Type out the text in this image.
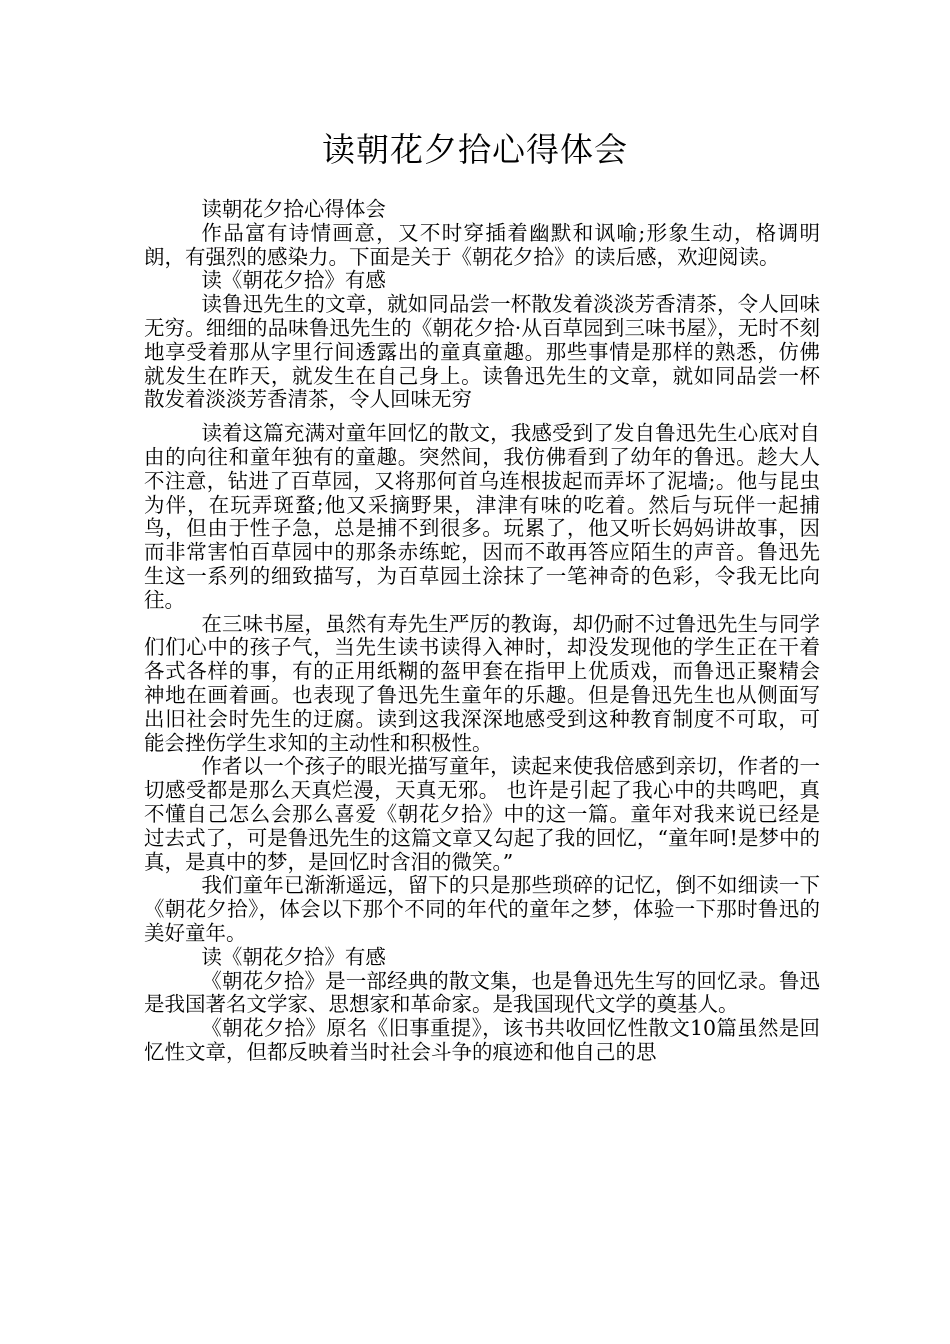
读朝花夕拾心得体会

读朝花夕拾心得体会

作品富有诗情画意，又不时穿插着幽默和讽喻;形象生动，格调明朗，有强烈的感染力。下面是关于《朝花夕拾》的读后感，欢迎阅读。

读《朝花夕拾》有感

读鲁迅先生的文章，就如同品尝一杯散发着淡淡芳香清茶，令人回味无穷。细细的品味鲁迅先生的《朝花夕拾·从百草园到三味书屋》，无时不刻地享受着那从字里行间透露出的童真童趣。那些事情是那样的熟悉，仿佛就发生在昨天，就发生在自己身上。读鲁迅先生的文章，就如同品尝一杯散发着淡淡芳香清茶，令人回味无穷

读着这篇充满对童年回忆的散文，我感受到了发自鲁迅先生心底对自由的向往和童年独有的童趣。突然间，我仿佛看到了幼年的鲁迅。趁大人不注意，钻进了百草园，又将那何首乌连根拔起而弄坏了泥墙;。他与昆虫为伴，在玩弄斑蝥;他又采摘野果，津津有味的吃着。然后与玩伴一起捕鸟，但由于性子急，总是捕不到很多。玩累了，他又听长妈妈讲故事，因而非常害怕百草园中的那条赤练蛇，因而不敢再答应陌生的声音。鲁迅先生这一系列的细致描写，为百草园土涂抹了一笔神奇的色彩，令我无比向往。

在三味书屋，虽然有寿先生严厉的教诲，却仍耐不过鲁迅先生与同学们们心中的孩子气，当先生读书读得入神时，却没发现他的学生正在干着各式各样的事，有的正用纸糊的盔甲套在指甲上优质戏，而鲁迅正聚精会神地在画着画。也表现了鲁迅先生童年的乐趣。但是鲁迅先生也从侧面写出旧社会时先生的迂腐。读到这我深深地感受到这种教育制度不可取，可能会挫伤学生求知的主动性和积极性。

作者以一个孩子的眼光描写童年，读起来使我倍感到亲切，作者的一切感受都是那么天真烂漫，天真无邪。 也许是引起了我心中的共鸣吧，真不懂自己怎么会那么喜爱《朝花夕拾》中的这一篇。童年对我来说已经是过去式了，可是鲁迅先生的这篇文章又勾起了我的回忆，“童年呵!是梦中的真，是真中的梦，是回忆时含泪的微笑。”

我们童年已渐渐遥远，留下的只是那些琐碎的记忆，倒不如细读一下《朝花夕拾》，体会以下那个不同的年代的童年之梦，体验一下那时鲁迅的美好童年。

读《朝花夕拾》有感

《朝花夕拾》是一部经典的散文集，也是鲁迅先生写的回忆录。鲁迅是我国著名文学家、思想家和革命家。是我国现代文学的奠基人。

《朝花夕拾》原名《旧事重提》，该书共收回忆性散文10篇虽然是回忆性文章，但都反映着当时社会斗争的痕迹和他自己的思
